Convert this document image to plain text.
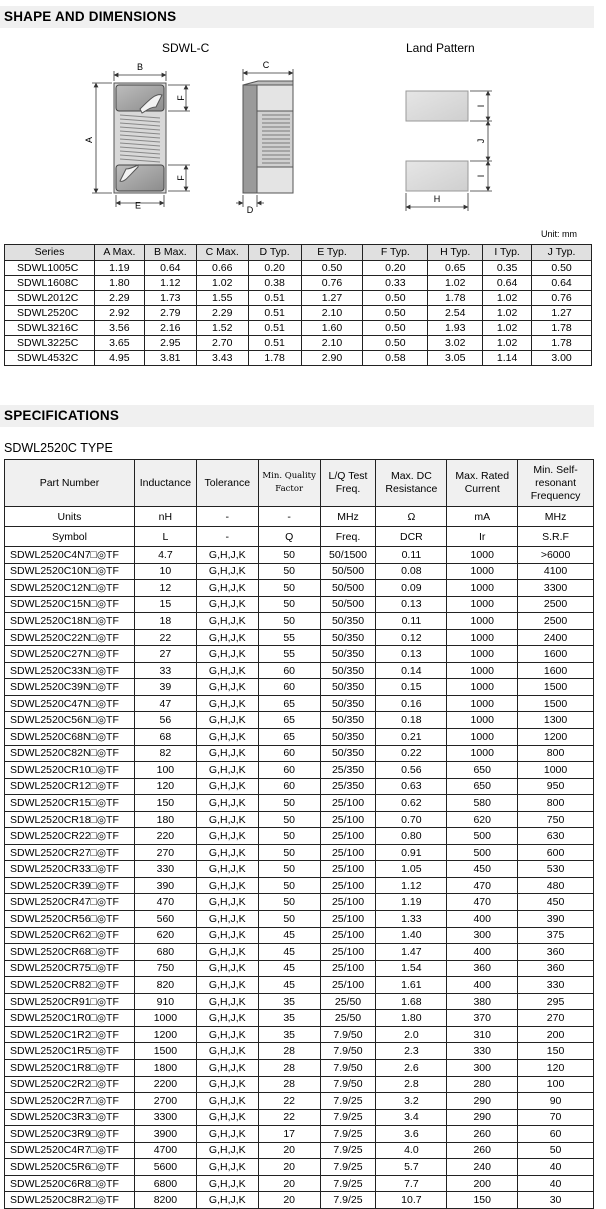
SHAPE AND DIMENSIONS
SDWL-C	Land Pattern
B
A
F
F
E
C
D
I
J
I
H
Unit: mm
Series	A Max.	B Max.	C Max.	D Typ.	E Typ.	F Typ.	H Typ.	I Typ.	J Typ.
SDWL1005C	1.19	0.64	0.66	0.20	0.50	0.20	0.65	0.35	0.50
SDWL1608C	1.80	1.12	1.02	0.38	0.76	0.33	1.02	0.64	0.64
SDWL2012C	2.29	1.73	1.55	0.51	1.27	0.50	1.78	1.02	0.76
SDWL2520C	2.92	2.79	2.29	0.51	2.10	0.50	2.54	1.02	1.27
SDWL3216C	3.56	2.16	1.52	0.51	1.60	0.50	1.93	1.02	1.78
SDWL3225C	3.65	2.95	2.70	0.51	2.10	0.50	3.02	1.02	1.78
SDWL4532C	4.95	3.81	3.43	1.78	2.90	0.58	3.05	1.14	3.00
SPECIFICATIONS
SDWL2520C TYPE
Part Number	Inductance	Tolerance	Min. Quality Factor	L/Q Test Freq.	Max. DC Resistance	Max. Rated Current	Min. Self-resonant Frequency
Units	nH	-	-	MHz	Ω	mA	MHz
Symbol	L	-	Q	Freq.	DCR	Ir	S.R.F
SDWL2520C4N7□◎TF	4.7	G,H,J,K	50	50/1500	0.11	1000	>6000
SDWL2520C10N□◎TF	10	G,H,J,K	50	50/500	0.08	1000	4100
SDWL2520C12N□◎TF	12	G,H,J,K	50	50/500	0.09	1000	3300
SDWL2520C15N□◎TF	15	G,H,J,K	50	50/500	0.13	1000	2500
SDWL2520C18N□◎TF	18	G,H,J,K	50	50/350	0.11	1000	2500
SDWL2520C22N□◎TF	22	G,H,J,K	55	50/350	0.12	1000	2400
SDWL2520C27N□◎TF	27	G,H,J,K	55	50/350	0.13	1000	1600
SDWL2520C33N□◎TF	33	G,H,J,K	60	50/350	0.14	1000	1600
SDWL2520C39N□◎TF	39	G,H,J,K	60	50/350	0.15	1000	1500
SDWL2520C47N□◎TF	47	G,H,J,K	65	50/350	0.16	1000	1500
SDWL2520C56N□◎TF	56	G,H,J,K	65	50/350	0.18	1000	1300
SDWL2520C68N□◎TF	68	G,H,J,K	65	50/350	0.21	1000	1200
SDWL2520C82N□◎TF	82	G,H,J,K	60	50/350	0.22	1000	800
SDWL2520CR10□◎TF	100	G,H,J,K	60	25/350	0.56	650	1000
SDWL2520CR12□◎TF	120	G,H,J,K	60	25/350	0.63	650	950
SDWL2520CR15□◎TF	150	G,H,J,K	50	25/100	0.62	580	800
SDWL2520CR18□◎TF	180	G,H,J,K	50	25/100	0.70	620	750
SDWL2520CR22□◎TF	220	G,H,J,K	50	25/100	0.80	500	630
SDWL2520CR27□◎TF	270	G,H,J,K	50	25/100	0.91	500	600
SDWL2520CR33□◎TF	330	G,H,J,K	50	25/100	1.05	450	530
SDWL2520CR39□◎TF	390	G,H,J,K	50	25/100	1.12	470	480
SDWL2520CR47□◎TF	470	G,H,J,K	50	25/100	1.19	470	450
SDWL2520CR56□◎TF	560	G,H,J,K	50	25/100	1.33	400	390
SDWL2520CR62□◎TF	620	G,H,J,K	45	25/100	1.40	300	375
SDWL2520CR68□◎TF	680	G,H,J,K	45	25/100	1.47	400	360
SDWL2520CR75□◎TF	750	G,H,J,K	45	25/100	1.54	360	360
SDWL2520CR82□◎TF	820	G,H,J,K	45	25/100	1.61	400	330
SDWL2520CR91□◎TF	910	G,H,J,K	35	25/50	1.68	380	295
SDWL2520C1R0□◎TF	1000	G,H,J,K	35	25/50	1.80	370	270
SDWL2520C1R2□◎TF	1200	G,H,J,K	35	7.9/50	2.0	310	200
SDWL2520C1R5□◎TF	1500	G,H,J,K	28	7.9/50	2.3	330	150
SDWL2520C1R8□◎TF	1800	G,H,J,K	28	7.9/50	2.6	300	120
SDWL2520C2R2□◎TF	2200	G,H,J,K	28	7.9/50	2.8	280	100
SDWL2520C2R7□◎TF	2700	G,H,J,K	22	7.9/25	3.2	290	90
SDWL2520C3R3□◎TF	3300	G,H,J,K	22	7.9/25	3.4	290	70
SDWL2520C3R9□◎TF	3900	G,H,J,K	17	7.9/25	3.6	260	60
SDWL2520C4R7□◎TF	4700	G,H,J,K	20	7.9/25	4.0	260	50
SDWL2520C5R6□◎TF	5600	G,H,J,K	20	7.9/25	5.7	240	40
SDWL2520C6R8□◎TF	6800	G,H,J,K	20	7.9/25	7.7	200	40
SDWL2520C8R2□◎TF	8200	G,H,J,K	20	7.9/25	10.7	150	30
